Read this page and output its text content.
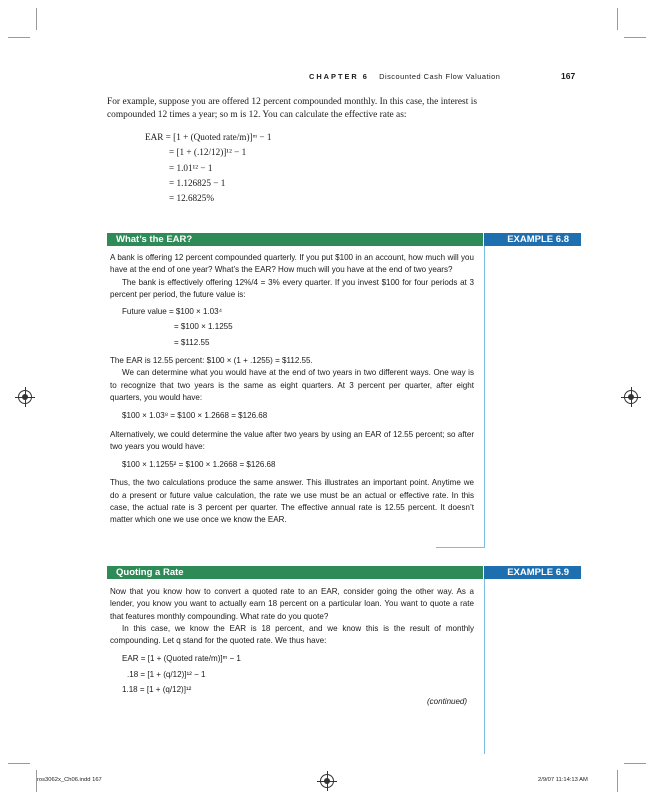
CHAPTER 6 Discounted Cash Flow Valuation	167

For example, suppose you are offered 12 percent compounded monthly. In this case, the interest is compounded 12 times a year; so m is 12. You can calculate the effective rate as:

EAR = [1 + (Quoted rate/m)]ᵐ − 1
= [1 + (.12/12)]¹² − 1
= 1.01¹² − 1
= 1.126825 − 1
= 12.6825%
What’s the EAR?	EXAMPLE 6.8

A bank is offering 12 percent compounded quarterly. If you put $100 in an account, how much will you have at the end of one year? What’s the EAR? How much will you have at the end of two years?

The bank is effectively offering 12%/4 = 3% every quarter. If you invest $100 for four periods at 3 percent per period, the future value is:

Future value = $100 × 1.03⁴
= $100 × 1.1255
= $112.55

The EAR is 12.55 percent: $100 × (1 + .1255) = $112.55.

We can determine what you would have at the end of two years in two different ways. One way is to recognize that two years is the same as eight quarters. At 3 percent per quarter, after eight quarters, you would have:

$100 × 1.03⁸ = $100 × 1.2668 = $126.68

Alternatively, we could determine the value after two years by using an EAR of 12.55 percent; so after two years you would have:

$100 × 1.1255² = $100 × 1.2668 = $126.68

Thus, the two calculations produce the same answer. This illustrates an important point. Anytime we do a present or future value calculation, the rate we use must be an actual or effective rate. In this case, the actual rate is 3 percent per quarter. The effective annual rate is 12.55 percent. It doesn’t matter which one we use once we know the EAR.

Quoting a Rate	EXAMPLE 6.9

Now that you know how to convert a quoted rate to an EAR, consider going the other way. As a lender, you know you want to actually earn 18 percent on a particular loan. You want to quote a rate that features monthly compounding. What rate do you quote?

In this case, we know the EAR is 18 percent, and we know this is the result of monthly compounding. Let q stand for the quoted rate. We thus have:

EAR = [1 + (Quoted rate/m)]ᵐ − 1
.18 = [1 + (q/12)]¹² − 1
1.18 = [1 + (q/12)]¹²
(continued)
ros3062x_Ch06.indd 167	2/9/07 11:14:13 AM
